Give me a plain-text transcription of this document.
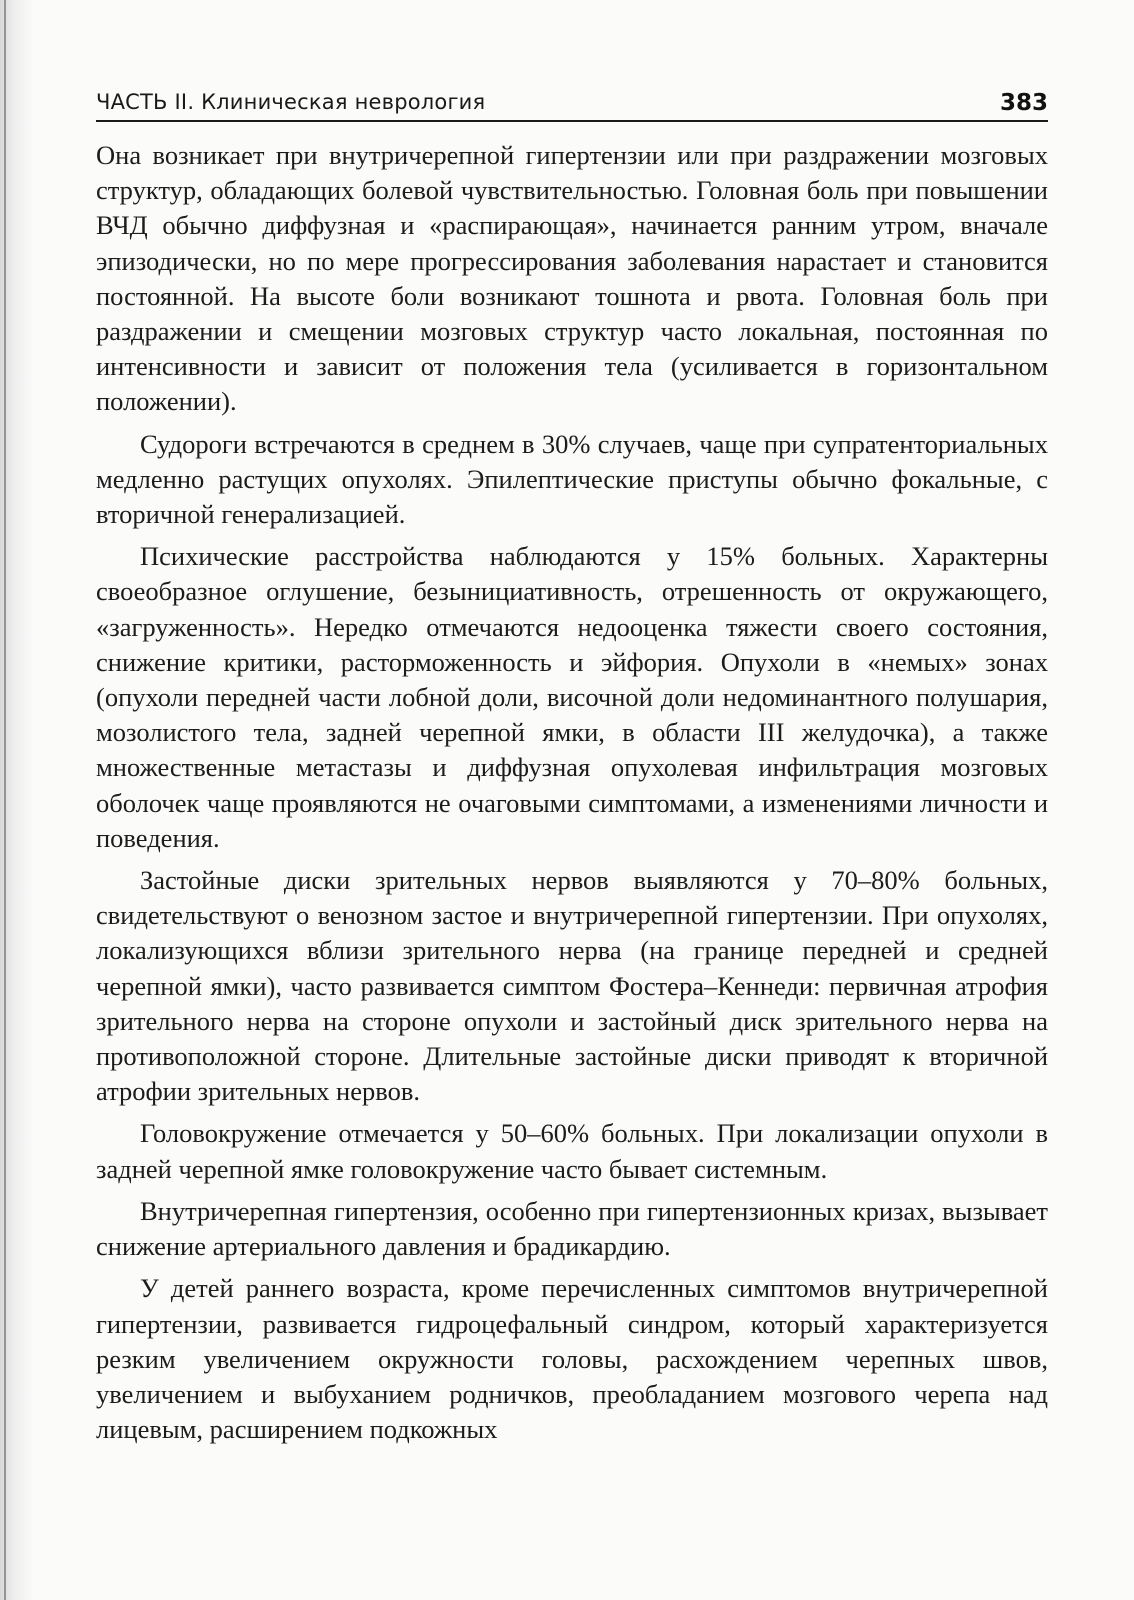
ЧАСТЬ II. Клиническая неврология	383

Она возникает при внутричерепной гипертензии или при раздражении мозговых структур, обладающих болевой чувствительностью. Головная боль при повышении ВЧД обычно диффузная и «распирающая», начинается ранним утром, вначале эпизодически, но по мере прогрессирования заболевания нарастает и становится постоянной. На высоте боли возникают тошнота и рвота. Головная боль при раздражении и смещении мозговых структур часто локальная, постоянная по интенсивности и зависит от положения тела (усиливается в горизонтальном положении).

Судороги встречаются в среднем в 30% случаев, чаще при супратенториальных медленно растущих опухолях. Эпилептические приступы обычно фокальные, с вторичной генерализацией.

Психические расстройства наблюдаются у 15% больных. Характерны своеобразное оглушение, безынициативность, отрешенность от окружающего, «загруженность». Нередко отмечаются недооценка тяжести своего состояния, снижение критики, расторможенность и эйфория. Опухоли в «немых» зонах (опухоли передней части лобной доли, височной доли недоминантного полушария, мозолистого тела, задней черепной ямки, в области III желудочка), а также множественные метастазы и диффузная опухолевая инфильтрация мозговых оболочек чаще проявляются не очаговыми симптомами, а изменениями личности и поведения.

Застойные диски зрительных нервов выявляются у 70–80% больных, свидетельствуют о венозном застое и внутричерепной гипертензии. При опухолях, локализующихся вблизи зрительного нерва (на границе передней и средней черепной ямки), часто развивается симптом Фостера–Кеннеди: первичная атрофия зрительного нерва на стороне опухоли и застойный диск зрительного нерва на противоположной стороне. Длительные застойные диски приводят к вторичной атрофии зрительных нервов.

Головокружение отмечается у 50–60% больных. При локализации опухоли в задней черепной ямке головокружение часто бывает системным.

Внутричерепная гипертензия, особенно при гипертензионных кризах, вызывает снижение артериального давления и брадикардию.

У детей раннего возраста, кроме перечисленных симптомов внутричерепной гипертензии, развивается гидроцефальный синдром, который характеризуется резким увеличением окружности головы, расхождением черепных швов, увеличением и выбуханием родничков, преобладанием мозгового черепа над лицевым, расширением подкожных
